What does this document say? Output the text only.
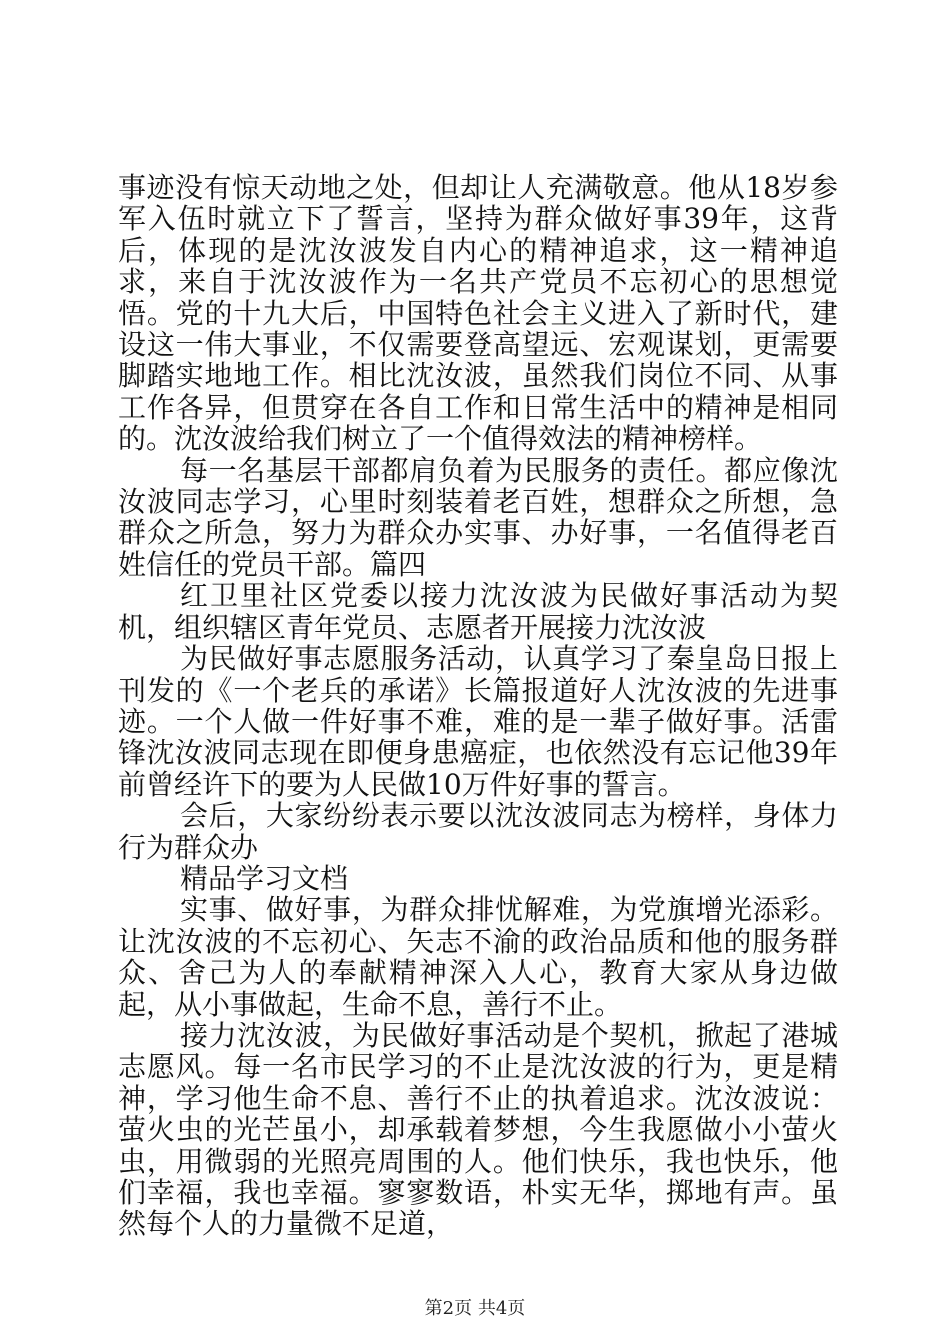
事迹没有惊天动地之处，但却让人充满敬意。他从18岁参军入伍时就立下了誓言，坚持为群众做好事39年，这背后，体现的是沈汝波发自内心的精神追求，这一精神追求，来自于沈汝波作为一名共产党员不忘初心的思想觉悟。党的十九大后，中国特色社会主义进入了新时代，建设这一伟大事业，不仅需要登高望远、宏观谋划，更需要脚踏实地地工作。相比沈汝波，虽然我们岗位不同、从事工作各异，但贯穿在各自工作和日常生活中的精神是相同的。沈汝波给我们树立了一个值得效法的精神榜样。

每一名基层干部都肩负着为民服务的责任。都应像沈汝波同志学习，心里时刻装着老百姓，想群众之所想，急群众之所急，努力为群众办实事、办好事，一名值得老百姓信任的党员干部。篇四

红卫里社区党委以接力沈汝波为民做好事活动为契机，组织辖区青年党员、志愿者开展接力沈汝波

为民做好事志愿服务活动，认真学习了秦皇岛日报上刊发的《一个老兵的承诺》长篇报道好人沈汝波的先进事迹。一个人做一件好事不难，难的是一辈子做好事。活雷锋沈汝波同志现在即便身患癌症，也依然没有忘记他39年前曾经许下的要为人民做10万件好事的誓言。

会后，大家纷纷表示要以沈汝波同志为榜样，身体力行为群众办

精品学习文档

实事、做好事，为群众排忧解难，为党旗增光添彩。让沈汝波的不忘初心、矢志不渝的政治品质和他的服务群众、舍己为人的奉献精神深入人心，教育大家从身边做起，从小事做起，生命不息，善行不止。

接力沈汝波，为民做好事活动是个契机，掀起了港城志愿风。每一名市民学习的不止是沈汝波的行为，更是精神，学习他生命不息、善行不止的执着追求。沈汝波说：萤火虫的光芒虽小，却承载着梦想，今生我愿做小小萤火虫，用微弱的光照亮周围的人。他们快乐，我也快乐，他们幸福，我也幸福。寥寥数语，朴实无华，掷地有声。虽然每个人的力量微不足道，

第2页 共4页
